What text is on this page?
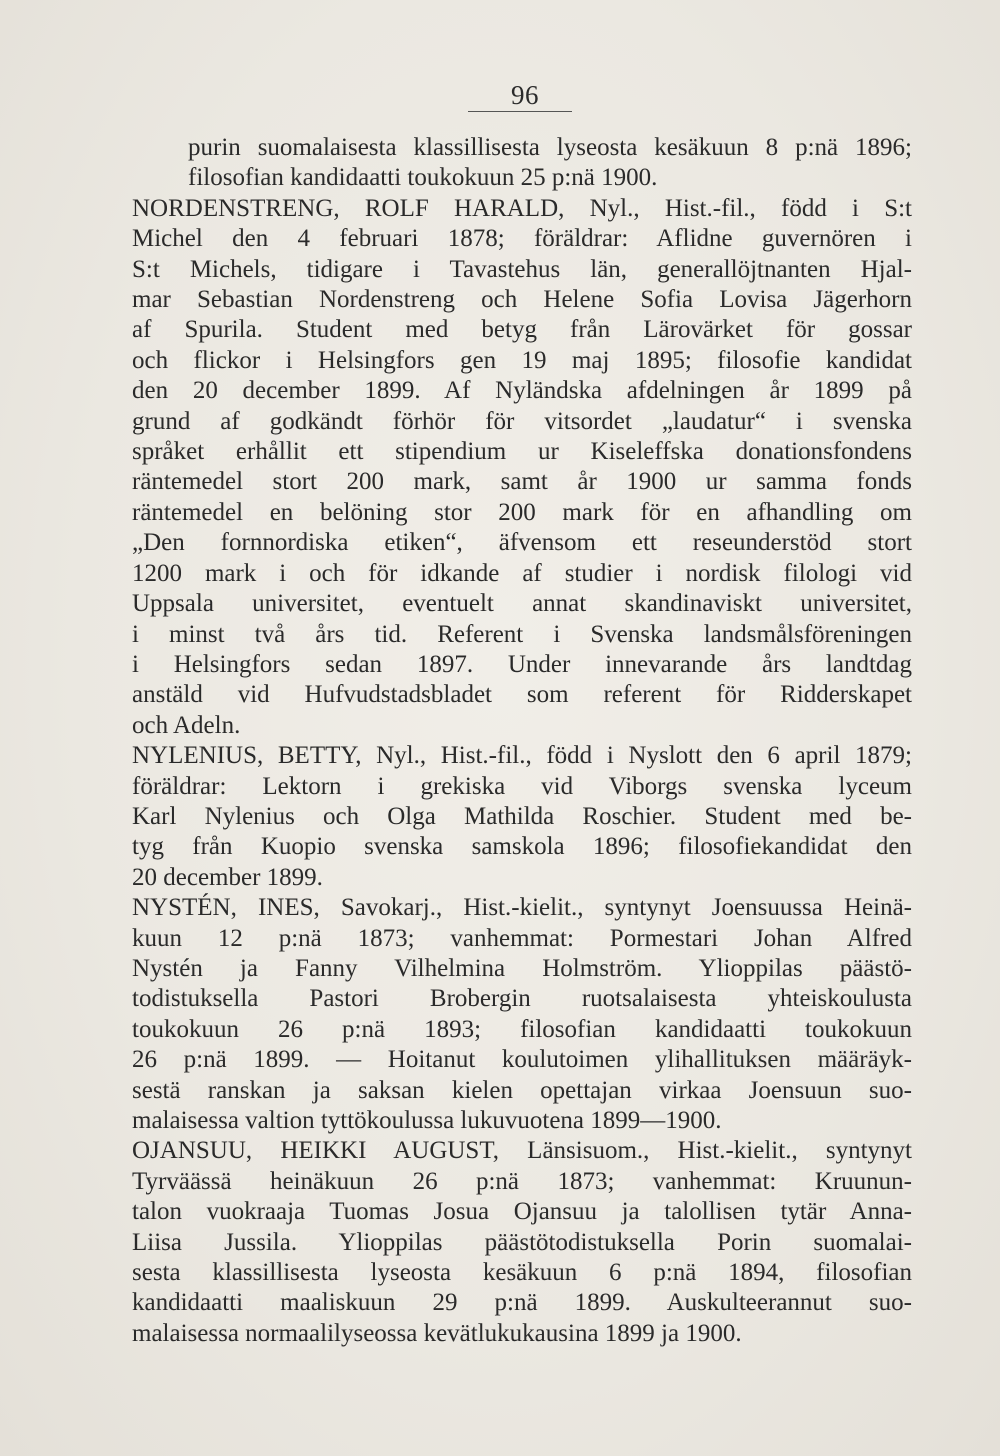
96
purin suomalaisesta klassillisesta lyseosta kesäkuun 8 p:nä 1896;
filosofian kandidaatti toukokuun 25 p:nä 1900.
NORDENSTRENG, ROLF HARALD, Nyl., Hist.-fil., född i S:t
Michel den 4 februari 1878; föräldrar: Aflidne guvernören i
S:t Michels, tidigare i Tavastehus län, generallöjtnanten Hjal-
mar Sebastian Nordenstreng och Helene Sofia Lovisa Jägerhorn
af Spurila. Student med betyg från Lärovärket för gossar
och flickor i Helsingfors gen 19 maj 1895; filosofie kandidat
den 20 december 1899. Af Nyländska afdelningen år 1899 på
grund af godkändt förhör för vitsordet „laudatur“ i svenska
språket erhållit ett stipendium ur Kiseleffska donationsfondens
räntemedel stort 200 mark, samt år 1900 ur samma fonds
räntemedel en belöning stor 200 mark för en afhandling om
„Den fornnordiska etiken“, äfvensom ett reseunderstöd stort
1200 mark i och för idkande af studier i nordisk filologi vid
Uppsala universitet, eventuelt annat skandinaviskt universitet,
i minst två års tid. Referent i Svenska landsmålsföreningen
i Helsingfors sedan 1897. Under innevarande års landtdag
anstäld vid Hufvudstadsbladet som referent för Ridderskapet
och Adeln.
NYLENIUS, BETTY, Nyl., Hist.-fil., född i Nyslott den 6 april 1879;
föräldrar: Lektorn i grekiska vid Viborgs svenska lyceum
Karl Nylenius och Olga Mathilda Roschier. Student med be-
tyg från Kuopio svenska samskola 1896; filosofiekandidat den
20 december 1899.
NYSTÉN, INES, Savokarj., Hist.-kielit., syntynyt Joensuussa Heinä-
kuun 12 p:nä 1873; vanhemmat: Pormestari Johan Alfred
Nystén ja Fanny Vilhelmina Holmström. Ylioppilas päästö-
todistuksella Pastori Brobergin ruotsalaisesta yhteiskoulusta
toukokuun 26 p:nä 1893; filosofian kandidaatti toukokuun
26 p:nä 1899. — Hoitanut koulutoimen ylihallituksen määräyk-
sestä ranskan ja saksan kielen opettajan virkaa Joensuun suo-
malaisessa valtion tyttökoulussa lukuvuotena 1899—1900.
OJANSUU, HEIKKI AUGUST, Länsisuom., Hist.-kielit., syntynyt
Tyrväässä heinäkuun 26 p:nä 1873; vanhemmat: Kruunun-
talon vuokraaja Tuomas Josua Ojansuu ja talollisen tytär Anna-
Liisa Jussila. Ylioppilas päästötodistuksella Porin suomalai-
sesta klassillisesta lyseosta kesäkuun 6 p:nä 1894, filosofian
kandidaatti maaliskuun 29 p:nä 1899. Auskulteerannut suo-
malaisessa normaalilyseossa kevätlukukausina 1899 ja 1900.
